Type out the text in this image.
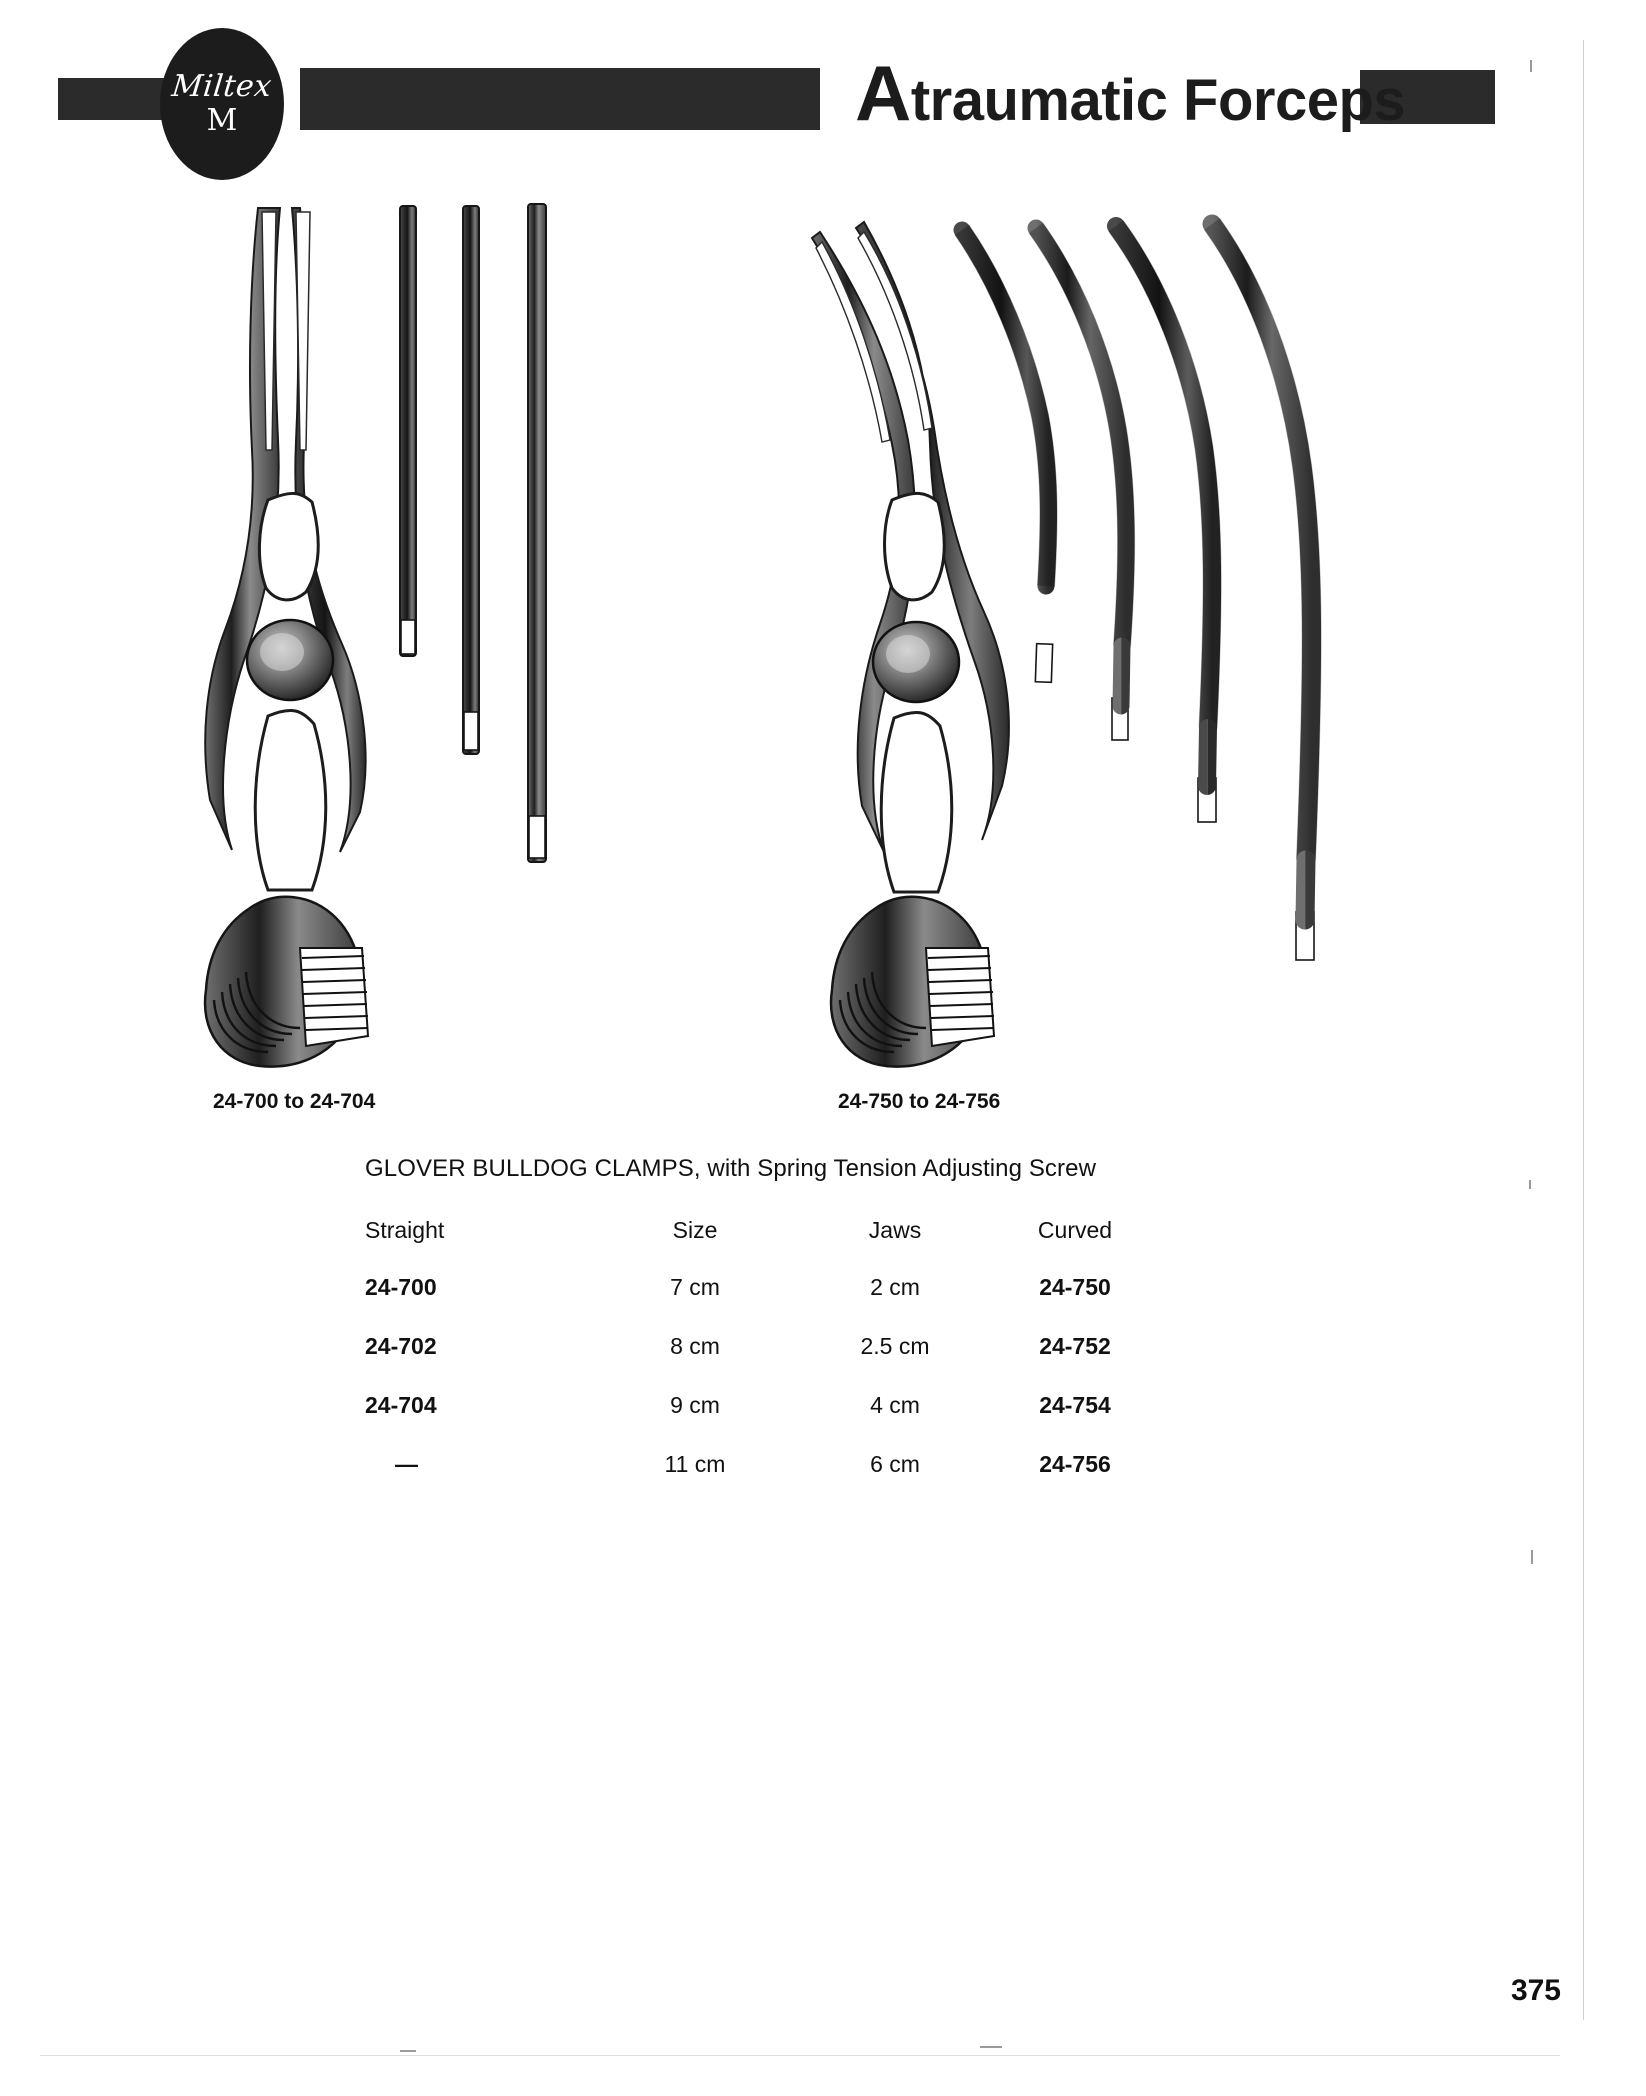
Miltex
M	Atraumatic Forceps
24-700 to 24-704	24-750 to 24-756
GLOVER BULLDOG CLAMPS, with Spring Tension Adjusting Screw
Straight	Size	Jaws	Curved
24-700	7 cm	2 cm	24-750
24-702	8 cm	2.5 cm	24-752
24-704	9 cm	4 cm	24-754
—	11 cm	6 cm	24-756
375
